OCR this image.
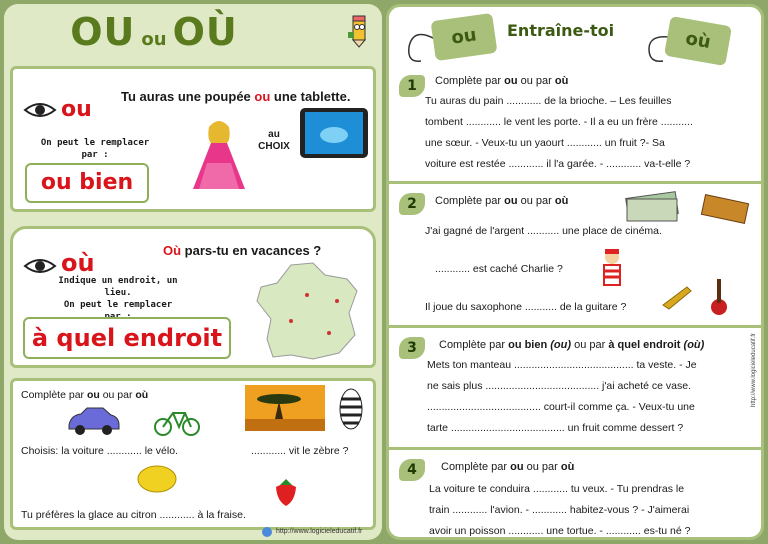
OU ou OÙ
ou
Tu auras une poupée ou une tablette.
On peut le remplacer
par :
ou bien
au CHOIX
où	Où pars-tu en vacances ?
Indique un endroit, un lieu.
On peut le remplacer
à quel endroit
Complète par ou ou par où
Choisis: la voiture ............ le vélo.	............ vit le zèbre ?
Tu préfères la glace au citron ............ à la fraise.
http://www.logicieleducatif.fr
ou	Entraîne-toi	où
1	Complète par ou ou par où
Tu auras du pain ............ de la brioche. – Les feuilles
tombent ............ le vent les porte. - Il a eu un frère ...........
une sœur. - Veux-tu un yaourt ............ un fruit ?- Sa
voiture est restée ............ il l'a garée. - ............ va-t-elle ?
2	Complète par ou ou par où
J'ai gagné de l'argent ........... une place de cinéma.
............ est caché Charlie ?
Il joue du saxophone ........... de la guitare ?
3	Complète par ou bien (ou) ou par à quel endroit (où)
Mets ton manteau ......................................... ta veste. - Je
ne sais plus ....................................... j'ai acheté ce vase.
....................................... court-il comme ça. - Veux-tu une
tarte ....................................... un fruit comme dessert ?
4	Complète par ou ou par où
La voiture te conduira ............ tu veux. - Tu prendras le
train ............ l'avion. - ............ habitez-vous ? - J'aimerai
avoir un poisson ............ une tortue. - ............ es-tu né ?
http://www.logicieleducatif.fr
